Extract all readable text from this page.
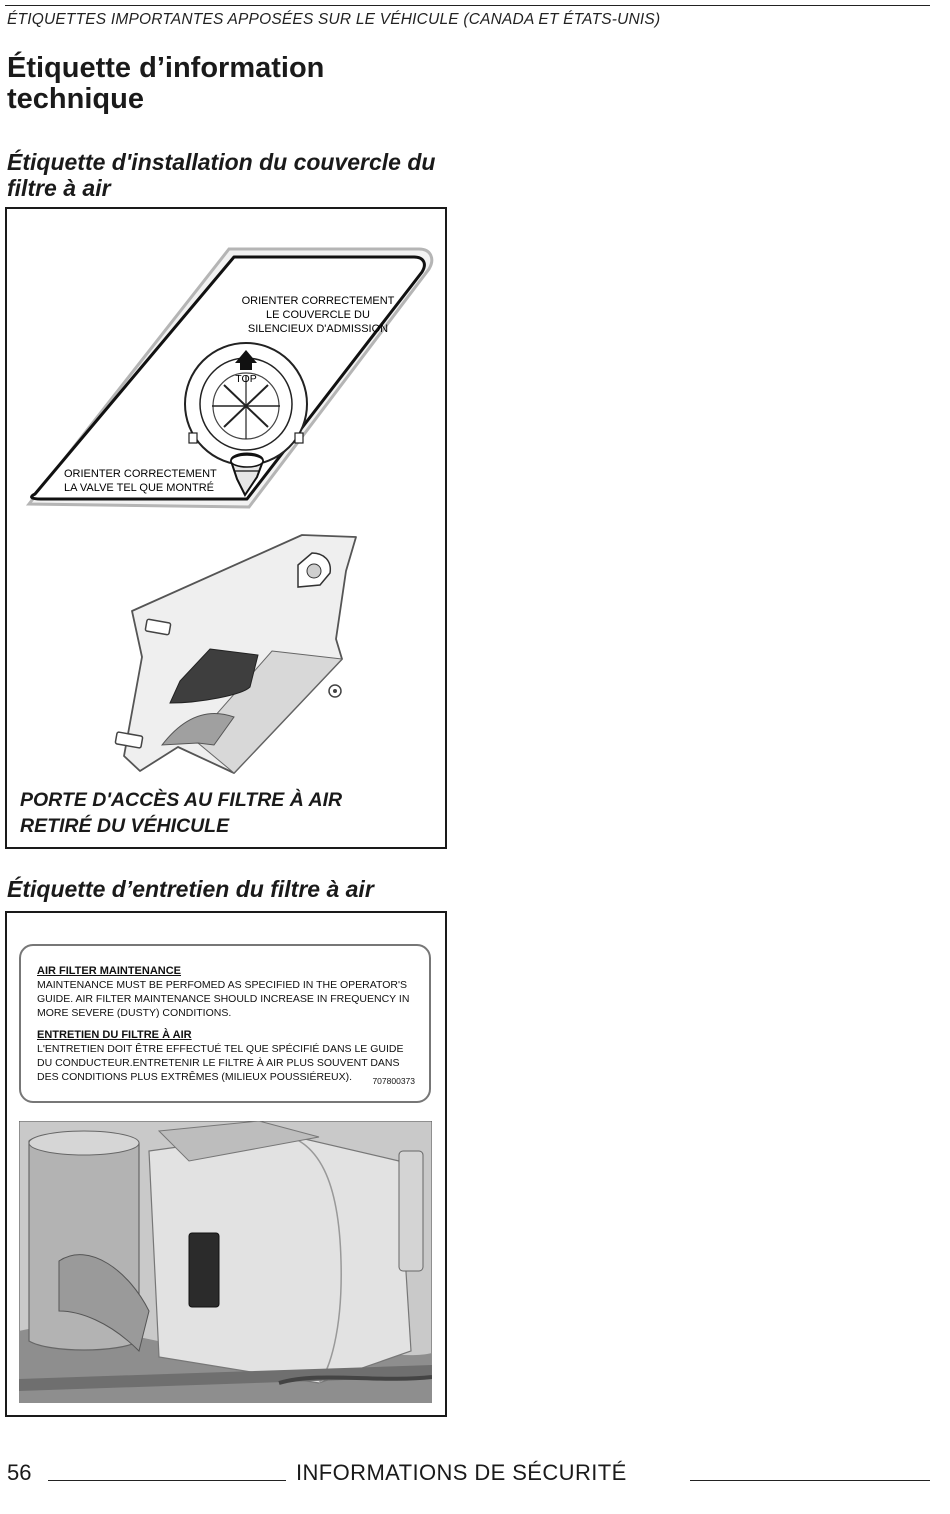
ÉTIQUETTES IMPORTANTES APPOSÉES SUR LE VÉHICULE (CANADA ET ÉTATS-UNIS)
Étiquette d’information technique
Étiquette d'installation du couvercle du filtre à air
ORIENTER CORRECTEMENT
LE COUVERCLE DU
SILENCIEUX D'ADMISSION
TOP
ORIENTER CORRECTEMENT
LA VALVE TEL QUE MONTRÉ
PORTE D'ACCÈS AU FILTRE À AIR
RETIRÉ DU VÉHICULE
Étiquette d’entretien du filtre à air
AIR FILTER MAINTENANCE
MAINTENANCE MUST BE PERFOMED AS SPECIFIED IN THE OPERATOR'S
GUIDE. AIR FILTER MAINTENANCE SHOULD INCREASE IN FREQUENCY IN
MORE SEVERE (DUSTY) CONDITIONS.
ENTRETIEN DU FILTRE À AIR
L'ENTRETIEN DOIT ÊTRE EFFECTUÉ TEL QUE SPÉCIFIÉ DANS LE GUIDE
DU CONDUCTEUR.ENTRETENIR LE FILTRE À AIR PLUS SOUVENT DANS
DES CONDITIONS PLUS EXTRÊMES (MILIEUX POUSSIÉREUX).	707800373
56	INFORMATIONS DE SÉCURITÉ
